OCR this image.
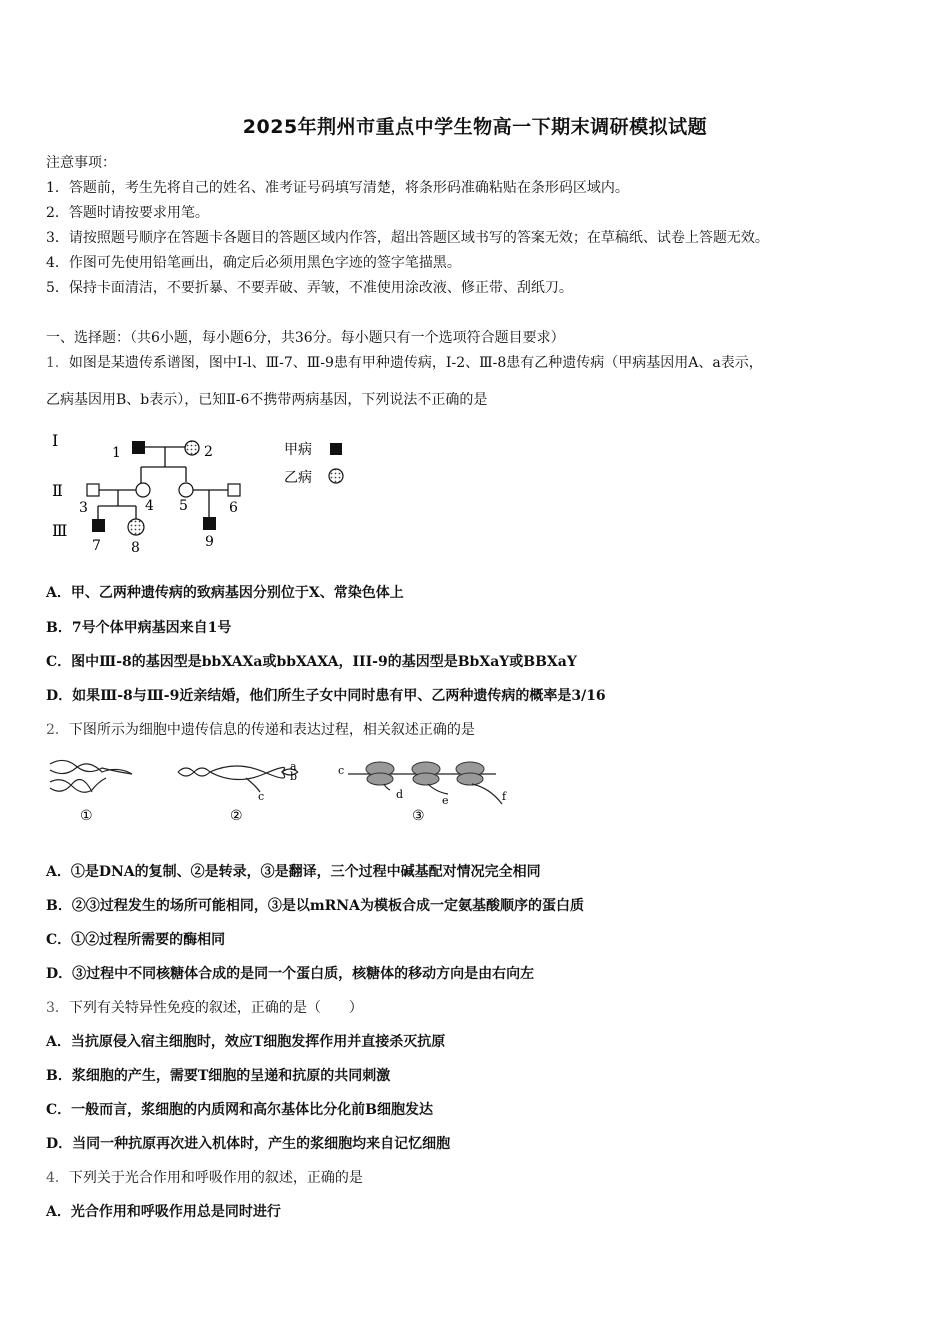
2025年荆州市重点中学生物高一下期末调研模拟试题
注意事项：
1．答题前，考生先将自己的姓名、准考证号码填写清楚，将条形码准确粘贴在条形码区域内。
2．答题时请按要求用笔。
3．请按照题号顺序在答题卡各题目的答题区域内作答，超出答题区域书写的答案无效；在草稿纸、试卷上答题无效。
4．作图可先使用铅笔画出，确定后必须用黑色字迹的签字笔描黑。
5．保持卡面清洁，不要折暴、不要弄破、弄皱，不准使用涂改液、修正带、刮纸刀。
一、选择题：（共6小题，每小题6分，共36分。每小题只有一个选项符合题目要求）
1．如图是某遗传系谱图，图中Ⅰ-l、Ⅲ-7、Ⅲ-9患有甲种遗传病，Ⅰ-2、Ⅲ-8患有乙种遗传病（甲病基因用A、a表示，
乙病基因用B、b表示），已知Ⅱ-6不携带两病基因，下列说法不正确的是
Ⅰ
Ⅱ
Ⅲ
1	2
3	4 5	6
7 8	9
甲病
乙病
A．甲、乙两种遗传病的致病基因分别位于X、常染色体上
B．7号个体甲病基因来自1号
C．图中Ⅲ-8的基因型是bbXAXa或bbXAXA，III-9的基因型是BbXaY或BBXaY
D．如果Ⅲ-8与Ⅲ-9近亲结婚，他们所生子女中同时患有甲、乙两种遗传病的概率是3/16
2．下图所示为细胞中遗传信息的传递和表达过程，相关叙述正确的是
①
a
b
c
②
c
d	e	f
③
A．①是DNA的复制、②是转录，③是翻译，三个过程中碱基配对情况完全相同
B．②③过程发生的场所可能相同，③是以mRNA为模板合成一定氨基酸顺序的蛋白质
C．①②过程所需要的酶相同
D．③过程中不同核糖体合成的是同一个蛋白质，核糖体的移动方向是由右向左
3．下列有关特异性免疫的叙述，正确的是（　　）
A．当抗原侵入宿主细胞时，效应T细胞发挥作用并直接杀灭抗原
B．浆细胞的产生，需要T细胞的呈递和抗原的共同刺激
C．一般而言，浆细胞的内质网和高尔基体比分化前B细胞发达
D．当同一种抗原再次进入机体时，产生的浆细胞均来自记忆细胞
4．下列关于光合作用和呼吸作用的叙述，正确的是
A．光合作用和呼吸作用总是同时进行
